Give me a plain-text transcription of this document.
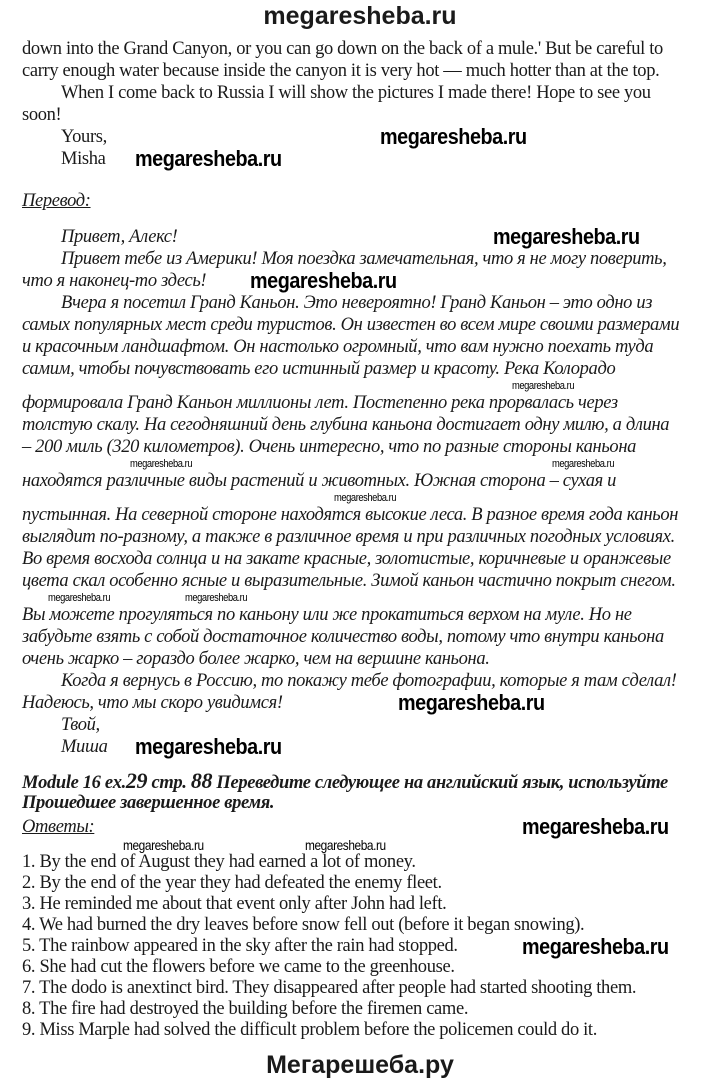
megaresheba.ru
down into the Grand Canyon, or you can go down on the back of a mule.' But be careful to
carry enough water because inside the canyon it is very hot — much hotter than at the top.
When I come back to Russia I will show the pictures I made there! Hope to see you
soon!
Yours,	megaresheba.ru
Misha megaresheba.ru
Перевод:
Привет, Алекс!	megaresheba.ru
Привет тебе из Америки! Моя поездка замечательная, что я не могу поверить,
что я наконец-то здесь! megaresheba.ru
Вчера я посетил Гранд Каньон. Это невероятно! Гранд Каньон – это одно из
самых популярных мест среди туристов. Он известен во всем мире своими размерами
и красочным ландшафтом. Он настолько огромный, что вам нужно поехать туда
самим, чтобы почувствовать его истинный размер и красоту. Река Колорадо
megaresheba.ru
формировала Гранд Каньон миллионы лет. Постепенно река прорвалась через
толстую скалу. На сегодняшний день глубина каньона достигает одну милю, а длина
– 200 миль (320 километров). Очень интересно, что по разные стороны каньона
megaresheba.ru	megaresheba.ru
находятся различные виды растений и животных. Южная сторона – сухая и
megaresheba.ru
пустынная. На северной стороне находятся высокие леса. В разное время года каньон
выглядит по-разному, а также в различное время и при различных погодных условиях.
Во время восхода солнца и на закате красные, золотистые, коричневые и оранжевые
цвета скал особенно ясные и выразительные. Зимой каньон частично покрыт снегом.
megaresheba.ru	megaresheba.ru
Вы можете прогуляться по каньону или же прокатиться верхом на муле. Но не
забудьте взять с собой достаточное количество воды, потому что внутри каньона
очень жарко – гораздо более жарко, чем на вершине каньона.
Когда я вернусь в Россию, то покажу тебе фотографии, которые я там сделал!
Надеюсь, что мы скоро увидимся!	megaresheba.ru
Твой,
Миша megaresheba.ru
Module 16 ex.29 стр. 88 Переведите следующее на английский язык, используйте
Прошедшее завершенное время.
Ответы:	megaresheba.ru
megaresheba.ru	megaresheba.ru
1. By the end of August they had earned a lot of money.
2. By the end of the year they had defeated the enemy fleet.
3. He reminded me about that event only after John had left.
4. We had burned the dry leaves before snow fell out (before it began snowing).
5. The rainbow appeared in the sky after the rain had stopped.	megaresheba.ru
6. She had cut the flowers before we came to the greenhouse.
7. The dodo is anextinct bird. They disappeared after people had started shooting them.
8. The fire had destroyed the building before the firemen came.
9. Miss Marple had solved the difficult problem before the policemen could do it.
Мегарешеба.ру
